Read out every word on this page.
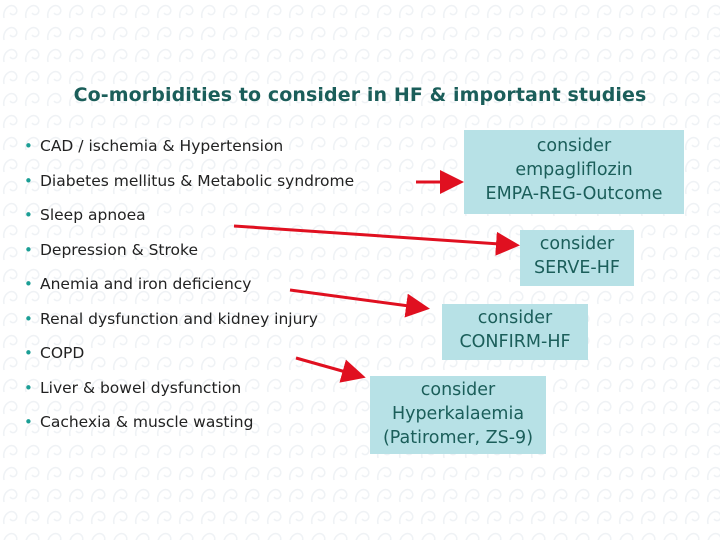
Co-morbidities to consider in HF & important studies
• CAD / ischemia & Hypertension
• Diabetes mellitus & Metabolic syndrome
• Sleep apnoea
• Depression & Stroke
• Anemia and iron deficiency
• Renal dysfunction and kidney injury
• COPD
• Liver & bowel dysfunction
• Cachexia & muscle wasting
consider
empagliflozin
EMPA-REG-Outcome
consider
SERVE-HF
consider
CONFIRM-HF
consider
Hyperkalaemia
(Patiromer, ZS-9)
